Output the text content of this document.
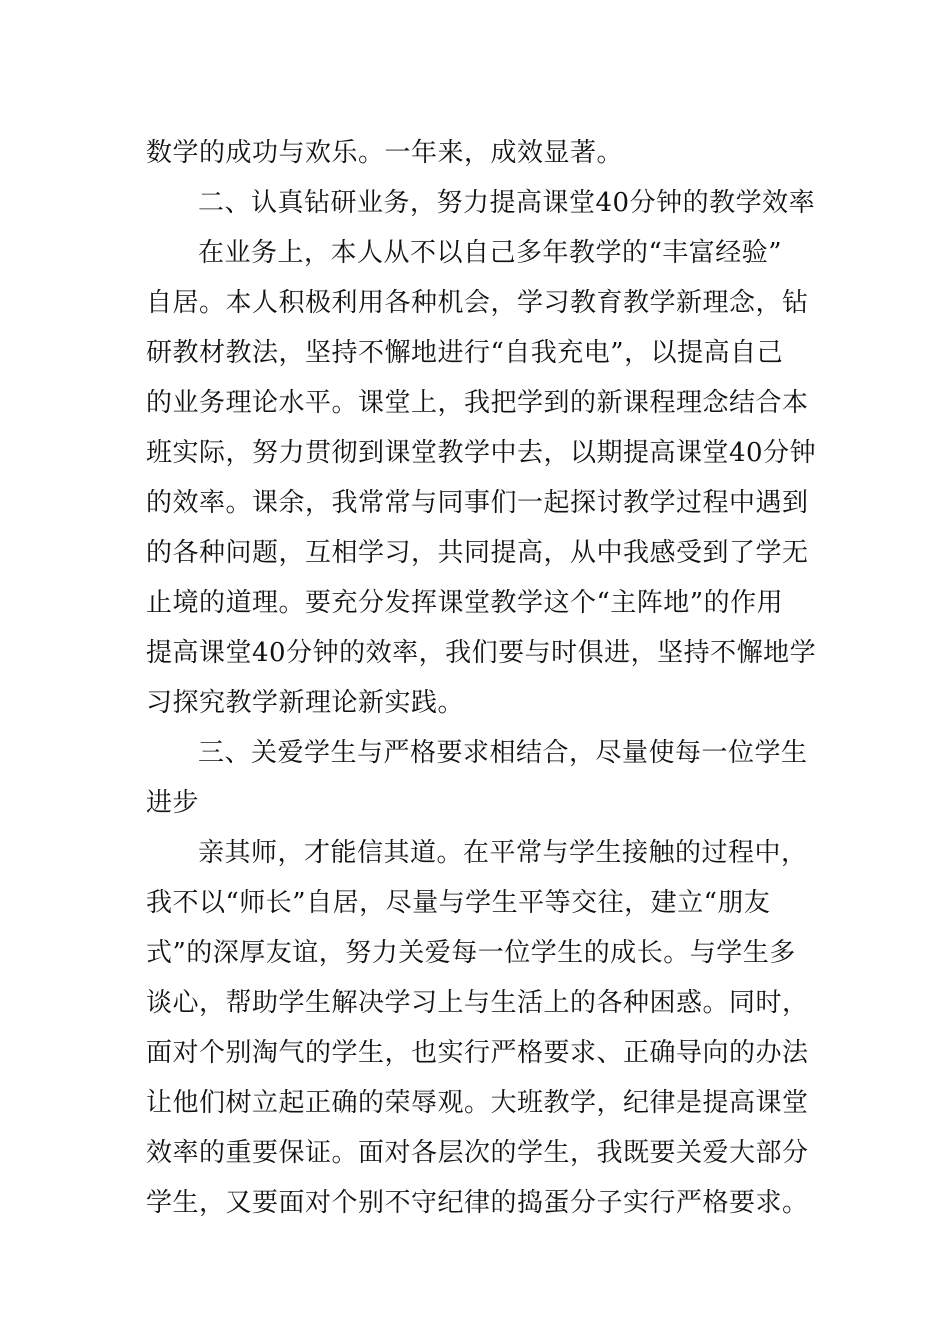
数学的成功与欢乐。一年来，成效显著。
二、认真钻研业务，努力提高课堂40分钟的教学效率
在业务上，本人从不以自己多年教学的“丰富经验”
自居。本人积极利用各种机会，学习教育教学新理念，钻
研教材教法，坚持不懈地进行“自我充电”，以提高自己
的业务理论水平。课堂上，我把学到的新课程理念结合本
班实际，努力贯彻到课堂教学中去，以期提高课堂40分钟
的效率。课余，我常常与同事们一起探讨教学过程中遇到
的各种问题，互相学习，共同提高，从中我感受到了学无
止境的道理。要充分发挥课堂教学这个“主阵地”的作用
提高课堂40分钟的效率，我们要与时俱进，坚持不懈地学
习探究教学新理论新实践。
三、关爱学生与严格要求相结合，尽量使每一位学生
进步
亲其师，才能信其道。在平常与学生接触的过程中，
我不以“师长”自居，尽量与学生平等交往，建立“朋友
式”的深厚友谊，努力关爱每一位学生的成长。与学生多
谈心，帮助学生解决学习上与生活上的各种困惑。同时，
面对个别淘气的学生，也实行严格要求、正确导向的办法
让他们树立起正确的荣辱观。大班教学，纪律是提高课堂
效率的重要保证。面对各层次的学生，我既要关爱大部分
学生，又要面对个别不守纪律的捣蛋分子实行严格要求。
